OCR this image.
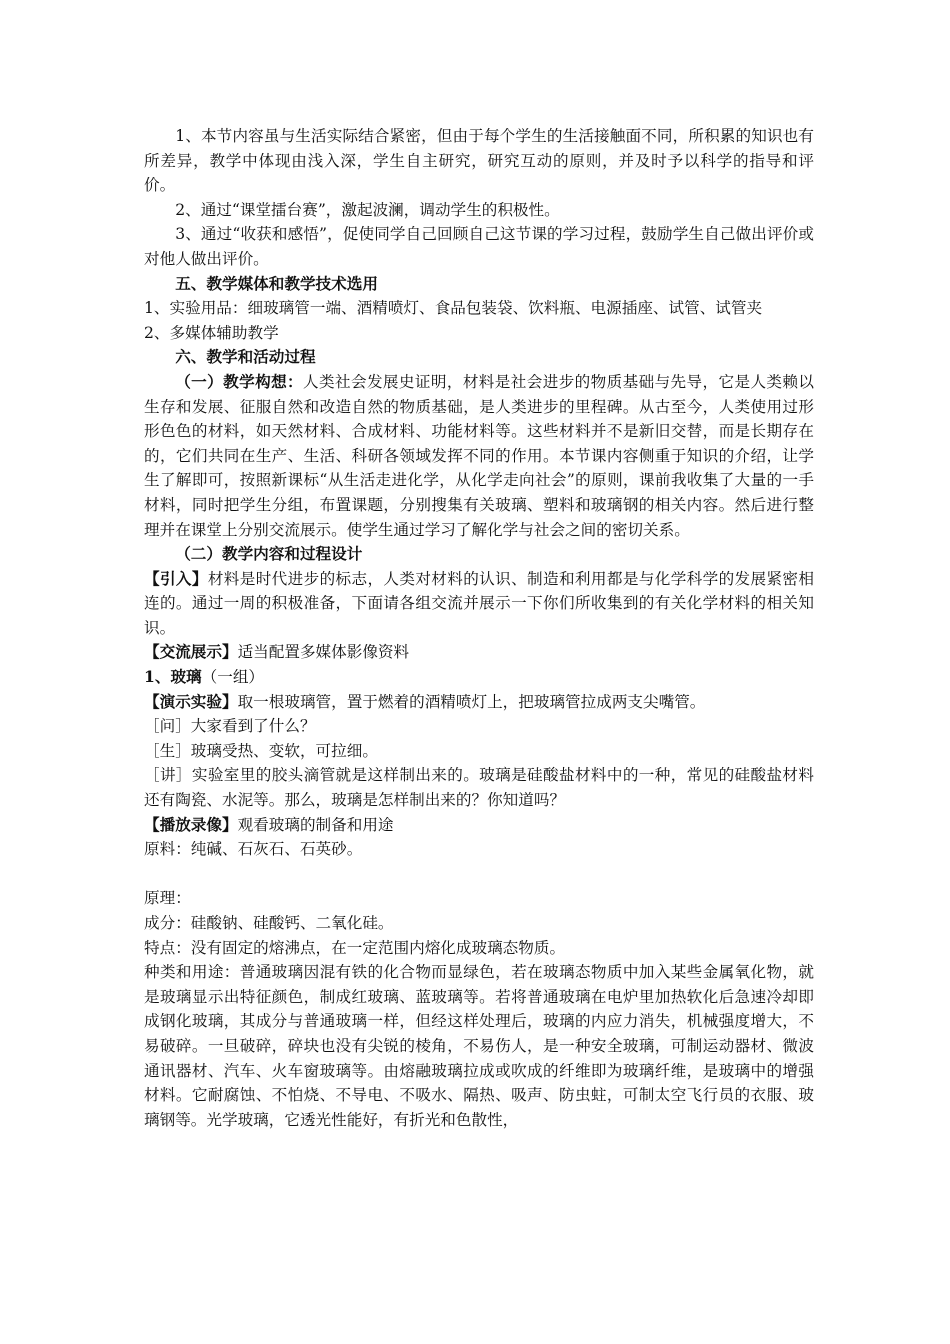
1、本节内容虽与生活实际结合紧密，但由于每个学生的生活接触面不同，所积累的知识也有所差异，教学中体现由浅入深，学生自主研究，研究互动的原则，并及时予以科学的指导和评价。

2、通过“课堂擂台赛”，激起波澜，调动学生的积极性。

3、通过“收获和感悟”，促使同学自己回顾自己这节课的学习过程，鼓励学生自己做出评价或对他人做出评价。

五、教学媒体和教学技术选用

1、实验用品：细玻璃管一端、酒精喷灯、食品包装袋、饮料瓶、电源插座、试管、试管夹

2、多媒体辅助教学

六、教学和活动过程

（一）教学构想：人类社会发展史证明，材料是社会进步的物质基础与先导，它是人类赖以生存和发展、征服自然和改造自然的物质基础，是人类进步的里程碑。从古至今，人类使用过形形色色的材料，如天然材料、合成材料、功能材料等。这些材料并不是新旧交替，而是长期存在的，它们共同在生产、生活、科研各领域发挥不同的作用。本节课内容侧重于知识的介绍，让学生了解即可，按照新课标“从生活走进化学，从化学走向社会”的原则，课前我收集了大量的一手材料，同时把学生分组，布置课题，分别搜集有关玻璃、塑料和玻璃钢的相关内容。然后进行整理并在课堂上分别交流展示。使学生通过学习了解化学与社会之间的密切关系。

（二）教学内容和过程设计

【引入】材料是时代进步的标志，人类对材料的认识、制造和利用都是与化学科学的发展紧密相连的。通过一周的积极准备，下面请各组交流并展示一下你们所收集到的有关化学材料的相关知识。

【交流展示】适当配置多媒体影像资料

1、玻璃（一组）

【演示实验】取一根玻璃管，置于燃着的酒精喷灯上，把玻璃管拉成两支尖嘴管。

［问］大家看到了什么？

［生］玻璃受热、变软，可拉细。

［讲］实验室里的胶头滴管就是这样制出来的。玻璃是硅酸盐材料中的一种，常见的硅酸盐材料还有陶瓷、水泥等。那么，玻璃是怎样制出来的？你知道吗？

【播放录像】观看玻璃的制备和用途

原料：纯碱、石灰石、石英砂。

原理：

成分：硅酸钠、硅酸钙、二氧化硅。

特点：没有固定的熔沸点，在一定范围内熔化成玻璃态物质。

种类和用途：普通玻璃因混有铁的化合物而显绿色，若在玻璃态物质中加入某些金属氧化物，就是玻璃显示出特征颜色，制成红玻璃、蓝玻璃等。若将普通玻璃在电炉里加热软化后急速冷却即成钢化玻璃，其成分与普通玻璃一样，但经这样处理后，玻璃的内应力消失，机械强度增大，不易破碎。一旦破碎，碎块也没有尖锐的棱角，不易伤人，是一种安全玻璃，可制运动器材、微波通讯器材、汽车、火车窗玻璃等。由熔融玻璃拉成或吹成的纤维即为玻璃纤维，是玻璃中的增强材料。它耐腐蚀、不怕烧、不导电、不吸水、隔热、吸声、防虫蛀，可制太空飞行员的衣服、玻璃钢等。光学玻璃，它透光性能好，有折光和色散性，
